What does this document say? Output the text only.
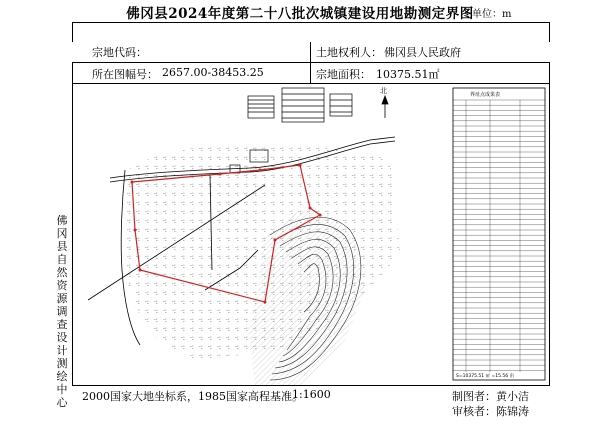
佛冈县2024年度第二十八批次城镇建设用地勘测定界图
单位：m
宗地代码：	土地权利人： 佛冈县人民政府
所在图幅号： 2657.00-38453.25	宗地面积： 10375.51㎡
佛冈县自然资源调查设计测绘中心
北	界址点成果表
S=10375.51 ㎡ =15.56 亩
2000国家大地坐标系，1985国家高程基准。
1:1600	制图者：黄小洁
审核者：陈锦涛
